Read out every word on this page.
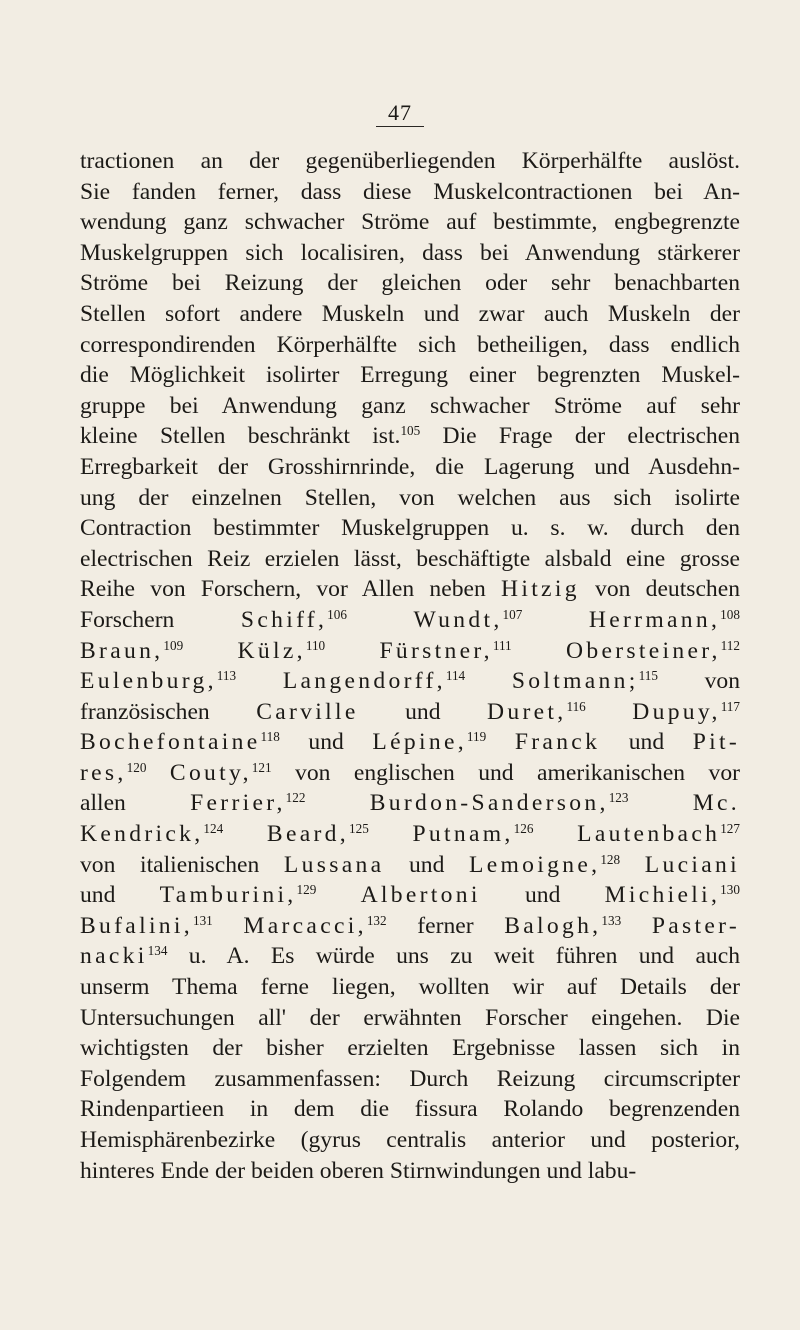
47

tractionen an der gegenüberliegenden Körperhälfte auslöst.
Sie fanden ferner, dass diese Muskelcontractionen bei An-
wendung ganz schwacher Ströme auf bestimmte, engbegrenzte
Muskelgruppen sich localisiren, dass bei Anwendung stärkerer
Ströme bei Reizung der gleichen oder sehr benachbarten
Stellen sofort andere Muskeln und zwar auch Muskeln der
correspondirenden Körperhälfte sich betheiligen, dass endlich
die Möglichkeit isolirter Erregung einer begrenzten Muskel-
gruppe bei Anwendung ganz schwacher Ströme auf sehr
kleine Stellen beschränkt ist.$^{105}$ Die Frage der electrischen
Erregbarkeit der Grosshirnrinde, die Lagerung und Ausdehn-
ung der einzelnen Stellen, von welchen aus sich isolirte
Contraction bestimmter Muskelgruppen u. s. w. durch den
electrischen Reiz erzielen lässt, beschäftigte alsbald eine grosse
Reihe von Forschern, vor Allen neben Hitzig von deutschen
Forschern Schiff,$^{106}$	Wundt,$^{107}$	Herrmann,$^{108}$
Braun,$^{109}$ Külz,$^{110}$ Fürstner,$^{111}$ Obersteiner,$^{112}$
Eulenburg,$^{113}$ Langendorff,$^{114}$ Soltmann;$^{115}$ von
französischen Carville und Duret,$^{116}$ Dupuy,$^{117}$
Bochefontaine$^{118}$ und Lépine,$^{119}$ Franck und Pit-
res,$^{120}$ Couty,$^{121}$ von englischen und amerikanischen vor
allen Ferrier,$^{122}$	Burdon-Sanderson,$^{123}$	Mc.
Kendrick,$^{124}$ Beard,$^{125}$ Putnam,$^{126}$ Lautenbach$^{127}$
von italienischen Lussana und Lemoigne,$^{128}$ Luciani
und Tamburini,$^{129}$ Albertoni und Michieli,$^{130}$
Bufalini,$^{131}$ Marcacci,$^{132}$ ferner Balogh,$^{133}$ Paster-
nacki$^{134}$ u. A. Es würde uns zu weit führen und auch
unserm Thema ferne liegen, wollten wir auf Details der
Untersuchungen all' der erwähnten Forscher eingehen. Die
wichtigsten der bisher erzielten Ergebnisse lassen sich in
Folgendem zusammenfassen: Durch Reizung circumscripter
Rindenpartieen in dem die fissura Rolando begrenzenden
Hemisphärenbezirke (gyrus centralis anterior und posterior,
hinteres Ende der beiden oberen Stirnwindungen und labu-
